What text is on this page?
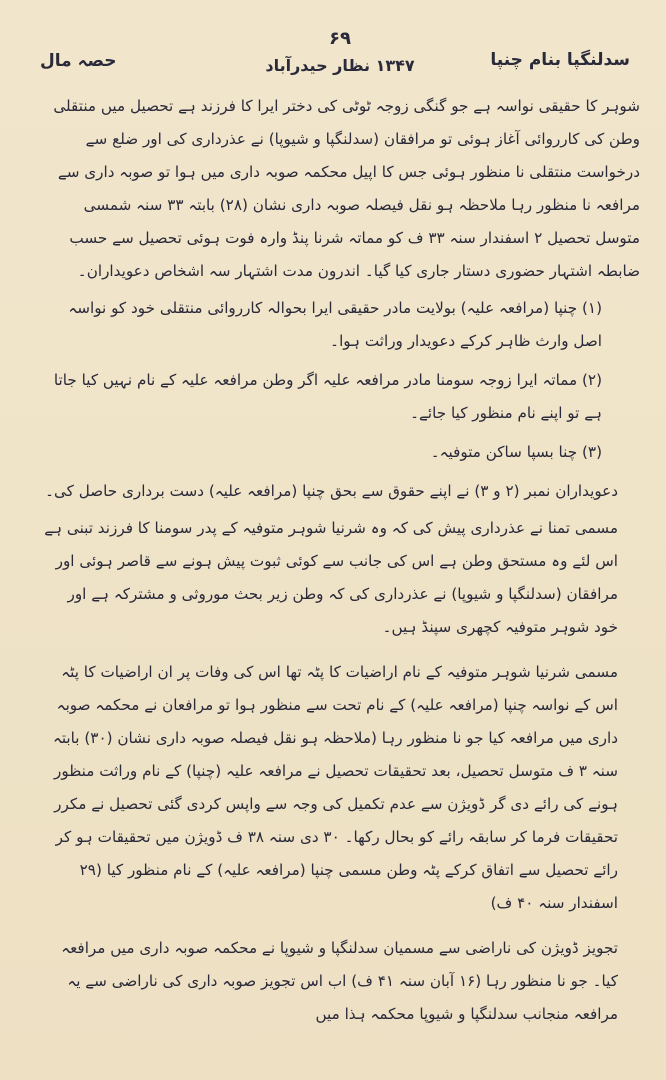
سدلنگپا بنام چنپا
۶۹
۱۳۴۷ نظار حیدرآباد
حصہ مال

شوہر کا حقیقی نواسہ ہے جو گنگی زوجہ ٹوٹی کی دختر ایرا کا فرزند ہے تحصیل میں منتقلی وطن کی کارروائی آغاز ہوئی تو مرافقان (سدلنگپا و شیوپا) نے عذرداری کی اور ضلع سے درخواست منتقلی نا منظور ہوئی جس کا اپیل محکمہ صوبہ داری میں ہوا تو صوبہ داری سے مرافعہ نا منظور رہا ملاحظہ ہو نقل فیصلہ صوبہ داری نشان (۲۸) بابتہ ۳۳ سنہ شمسی متوسل تحصیل ۲ اسفندار سنہ ۳۳ ف کو مماتہ شرنا پنڈ وارہ فوت ہوئی تحصیل سے حسب ضابطہ اشتہار حضوری دستار جاری کیا گیا۔ اندرون مدت اشتہار سہ اشخاص دعویداران۔

(۱) چنپا (مرافعہ علیہ) بولایت مادر حقیقی ایرا بحوالہ کارروائی منتقلی خود کو نواسہ اصل وارث ظاہر کرکے دعویدار وراثت ہوا۔

(۲) مماتہ ایرا زوجہ سومنا مادر مرافعہ علیہ اگر وطن مرافعہ علیہ کے نام نہیں کیا جاتا ہے تو اپنے نام منظور کیا جائے۔

(۳) چنا بسپا ساکن متوفیہ۔

دعویداران نمبر (۲ و ۳) نے اپنے حقوق سے بحق چنپا (مرافعہ علیہ) دست برداری حاصل کی۔

مسمی تمنا نے عذرداری پیش کی کہ وہ شرنیا شوہر متوفیہ کے پدر سومنا کا فرزند تبنی ہے اس لئے وہ مستحق وطن ہے اس کی جانب سے کوئی ثبوت پیش ہونے سے قاصر ہوئی اور مرافقان (سدلنگپا و شیوپا) نے عذرداری کی کہ وطن زیر بحث موروثی و مشترکہ ہے اور خود شوہر متوفیہ کچھری سپنڈ ہیں۔

مسمی شرنیا شوہر متوفیہ کے نام اراضیات کا پٹہ تھا اس کی وفات پر ان اراضیات کا پٹہ اس کے نواسہ چنپا (مرافعہ علیہ) کے نام تحت سے منظور ہوا تو مرافعان نے محکمہ صوبہ داری میں مرافعہ کیا جو نا منظور رہا (ملاحظہ ہو نقل فیصلہ صوبہ داری نشان (۳۰) بابتہ سنہ ۳ ف متوسل تحصیل، بعد تحقیقات تحصیل نے مرافعہ علیہ (چنپا) کے نام وراثت منظور ہونے کی رائے دی گر ڈویژن سے عدم تکمیل کی وجہ سے واپس کردی گئی تحصیل نے مکرر تحقیقات فرما کر سابقہ رائے کو بحال رکھا۔ ۳۰ دی سنہ ۳۸ ف ڈویژن میں تحقیقات ہو کر رائے تحصیل سے اتفاق کرکے پٹہ وطن مسمی چنپا (مرافعہ علیہ) کے نام منظور کیا (۲۹ اسفندار سنہ ۴۰ ف)

تجویز ڈویژن کی ناراضی سے مسمیان سدلنگپا و شیوپا نے محکمہ صوبہ داری میں مرافعہ کیا۔ جو نا منظور رہا (۱۶ آبان سنہ ۴۱ ف) اب اس تجویز صوبہ داری کی ناراضی سے یہ مرافعہ منجانب سدلنگپا و شیوپا محکمہ ہذا میں
